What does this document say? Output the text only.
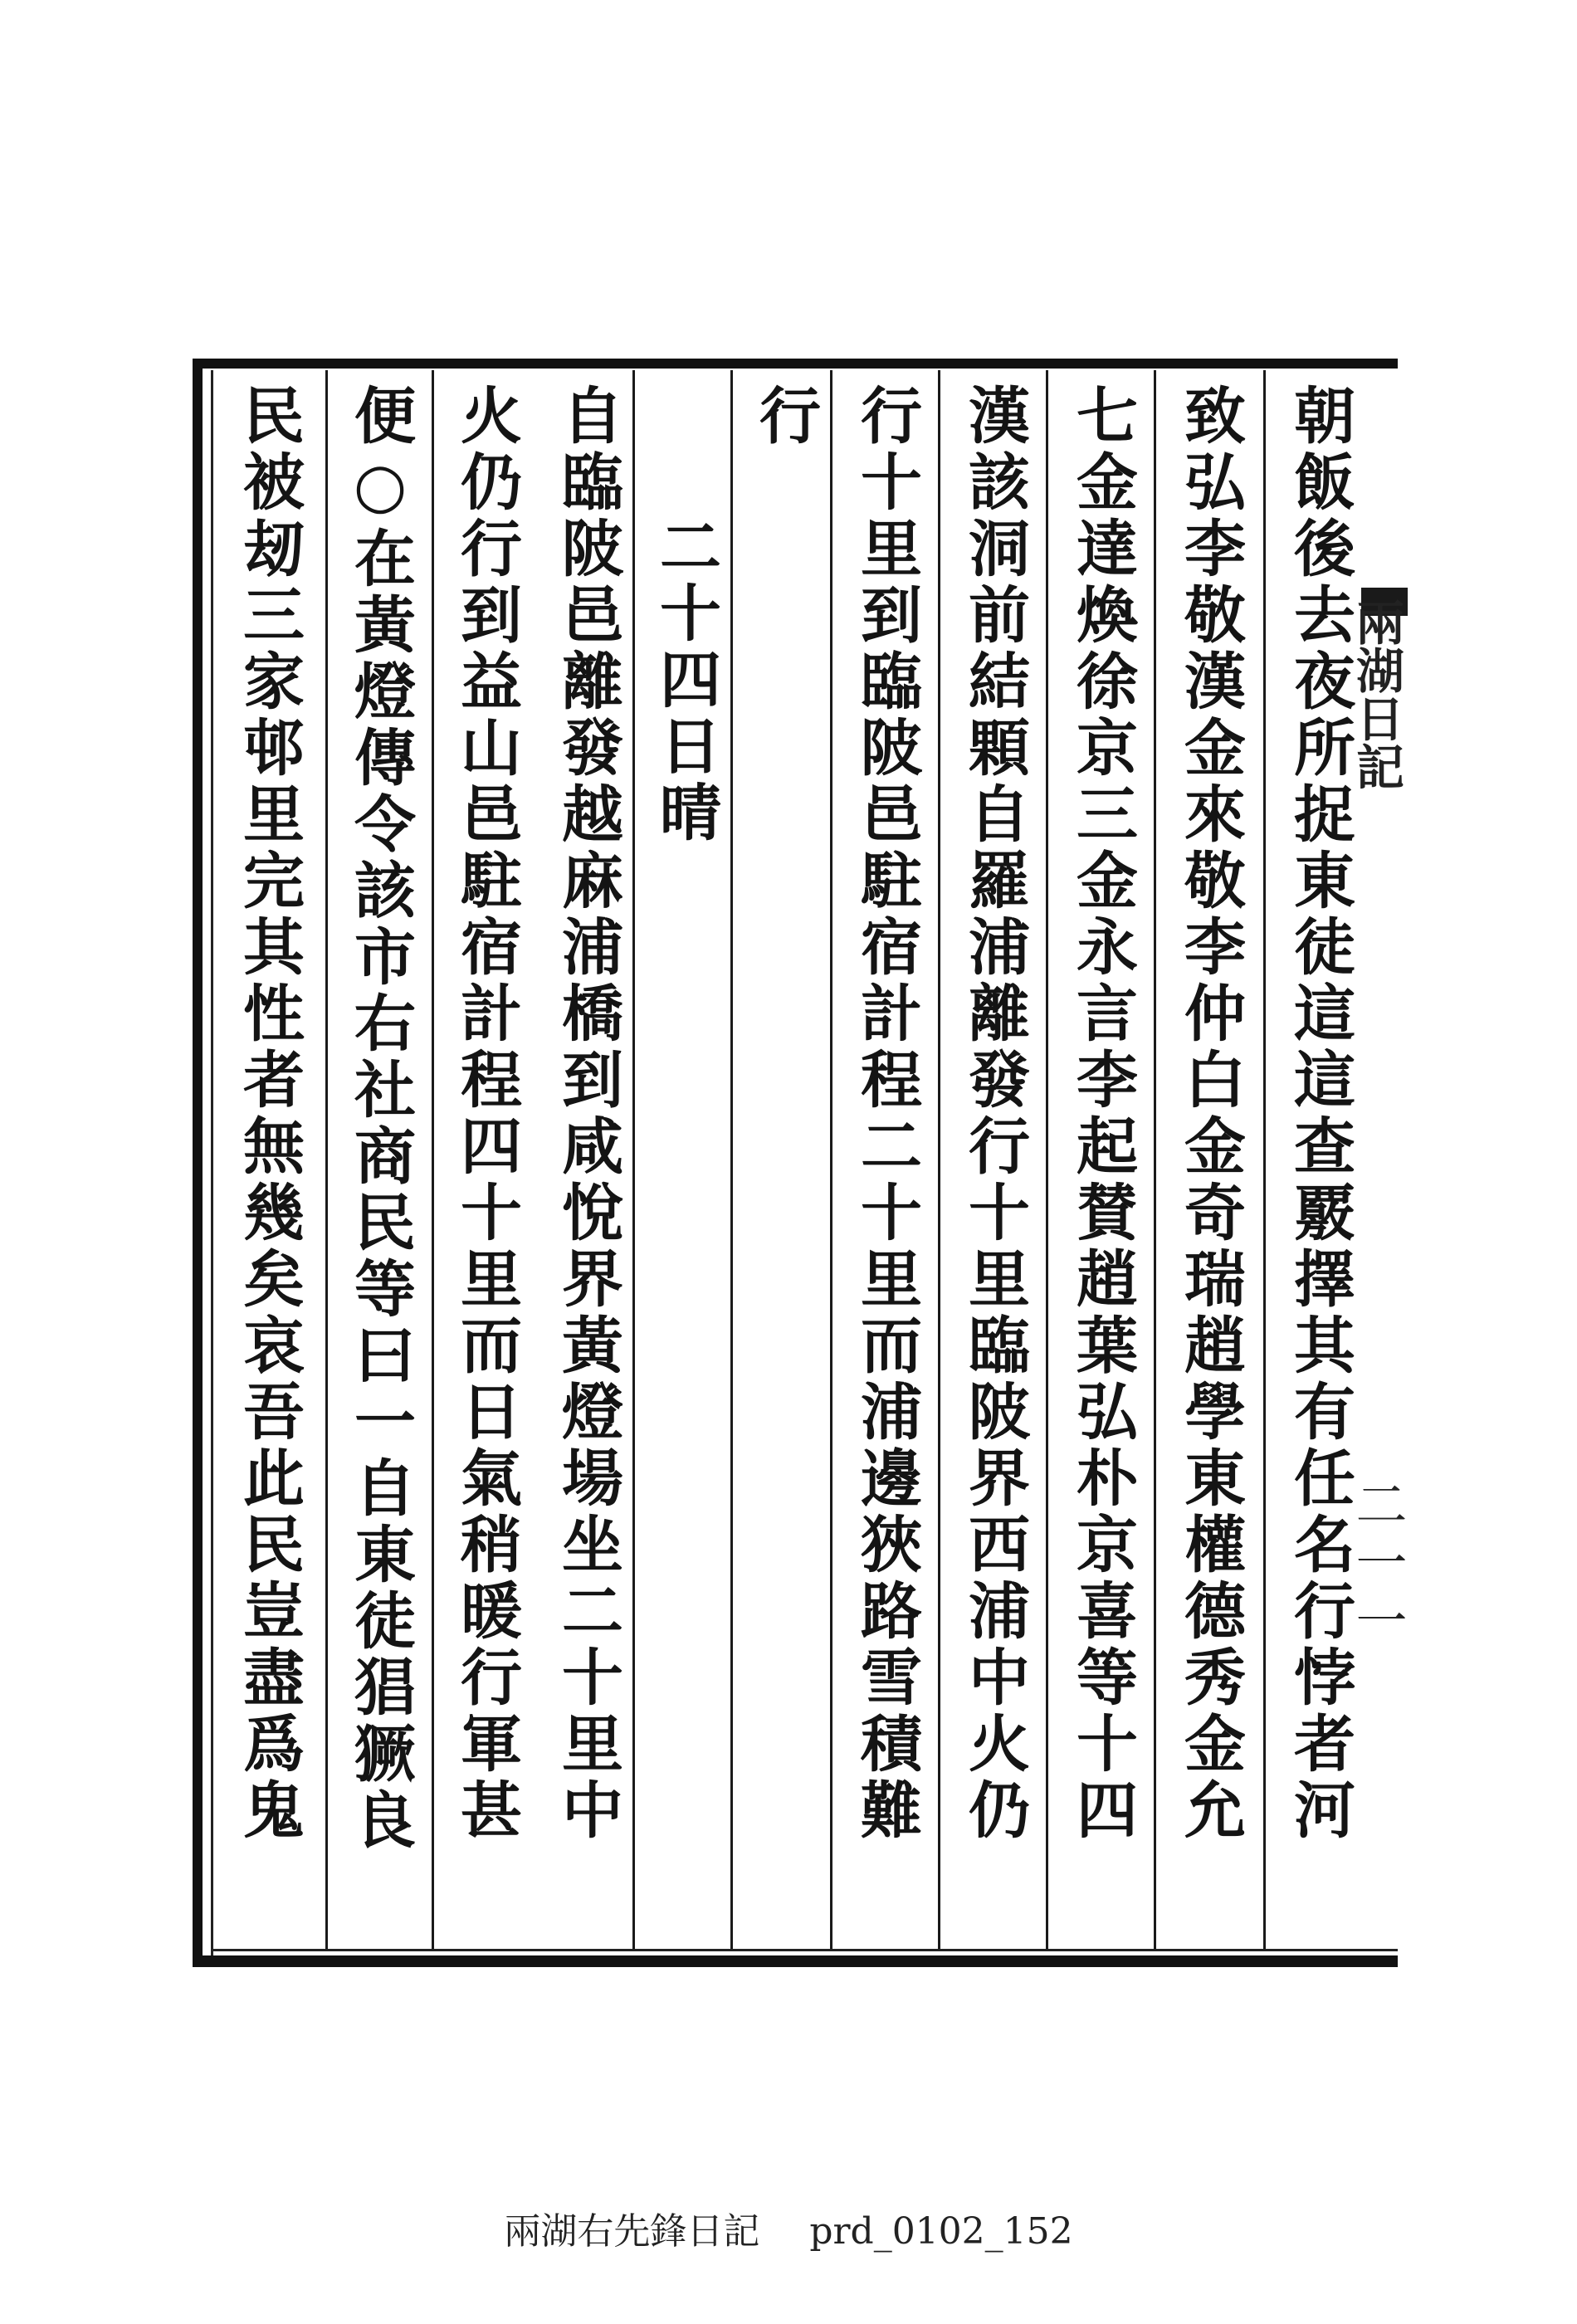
兩湖日記
二一一
朝飯後去夜所捉東徒這這查覈擇其有任名行悖者河
致弘李敬漢金來敬李仲白金奇瑞趙學東權德秀金允
七金達煥徐京三金永言李起賛趙葉弘朴京喜等十四
漢該洞前結顆自羅浦離發行十里臨陂界西浦中火仍
行十里到臨陂邑駐宿計程二十里而浦邊狹路雪積難
行
二十四日晴
自臨陂邑離發越麻浦橋到咸悅界黃燈場坐二十里中
火仍行到益山邑駐宿計程四十里而日氣稍暖行軍甚
便○在黃燈傳令該市右社商民等曰一自東徒猖獗良
民被刼三家邨里完其性者無幾矣哀吾此民豈盡爲鬼
兩湖右先鋒日記 prd_0102_152
